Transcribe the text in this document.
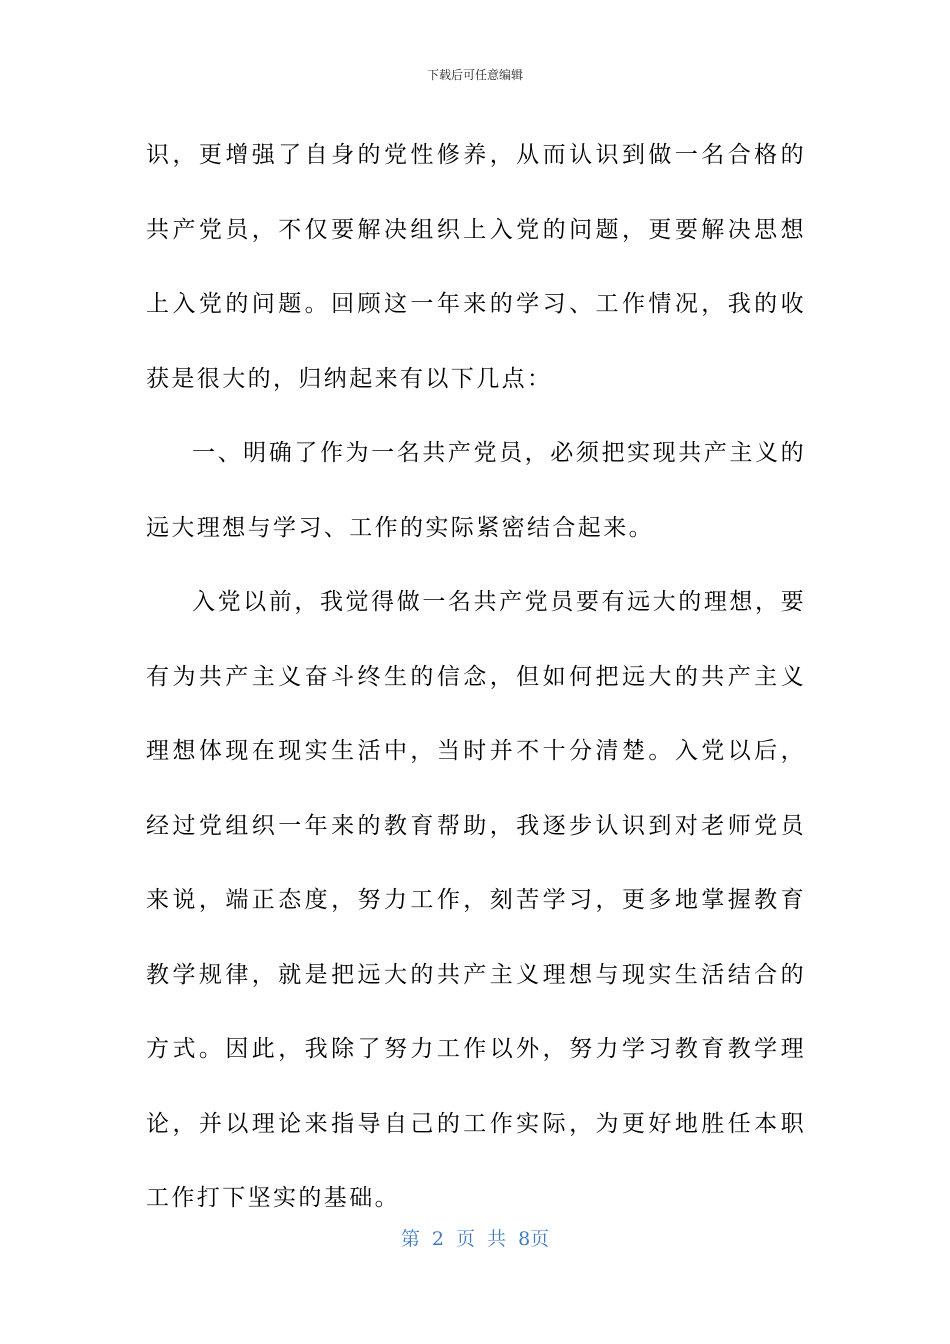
下载后可任意编辑

识，更增强了自身的党性修养，从而认识到做一名合格的共产党员，不仅要解决组织上入党的问题，更要解决思想上入党的问题。回顾这一年来的学习、工作情况，我的收获是很大的，归纳起来有以下几点：

一、明确了作为一名共产党员，必须把实现共产主义的远大理想与学习、工作的实际紧密结合起来。

入党以前，我觉得做一名共产党员要有远大的理想，要有为共产主义奋斗终生的信念，但如何把远大的共产主义理想体现在现实生活中，当时并不十分清楚。入党以后，经过党组织一年来的教育帮助，我逐步认识到对老师党员来说，端正态度，努力工作，刻苦学习，更多地掌握教育教学规律，就是把远大的共产主义理想与现实生活结合的方式。因此，我除了努力工作以外，努力学习教育教学理论，并以理论来指导自己的工作实际，为更好地胜任本职工作打下坚实的基础。

第 2 页 共 8页
